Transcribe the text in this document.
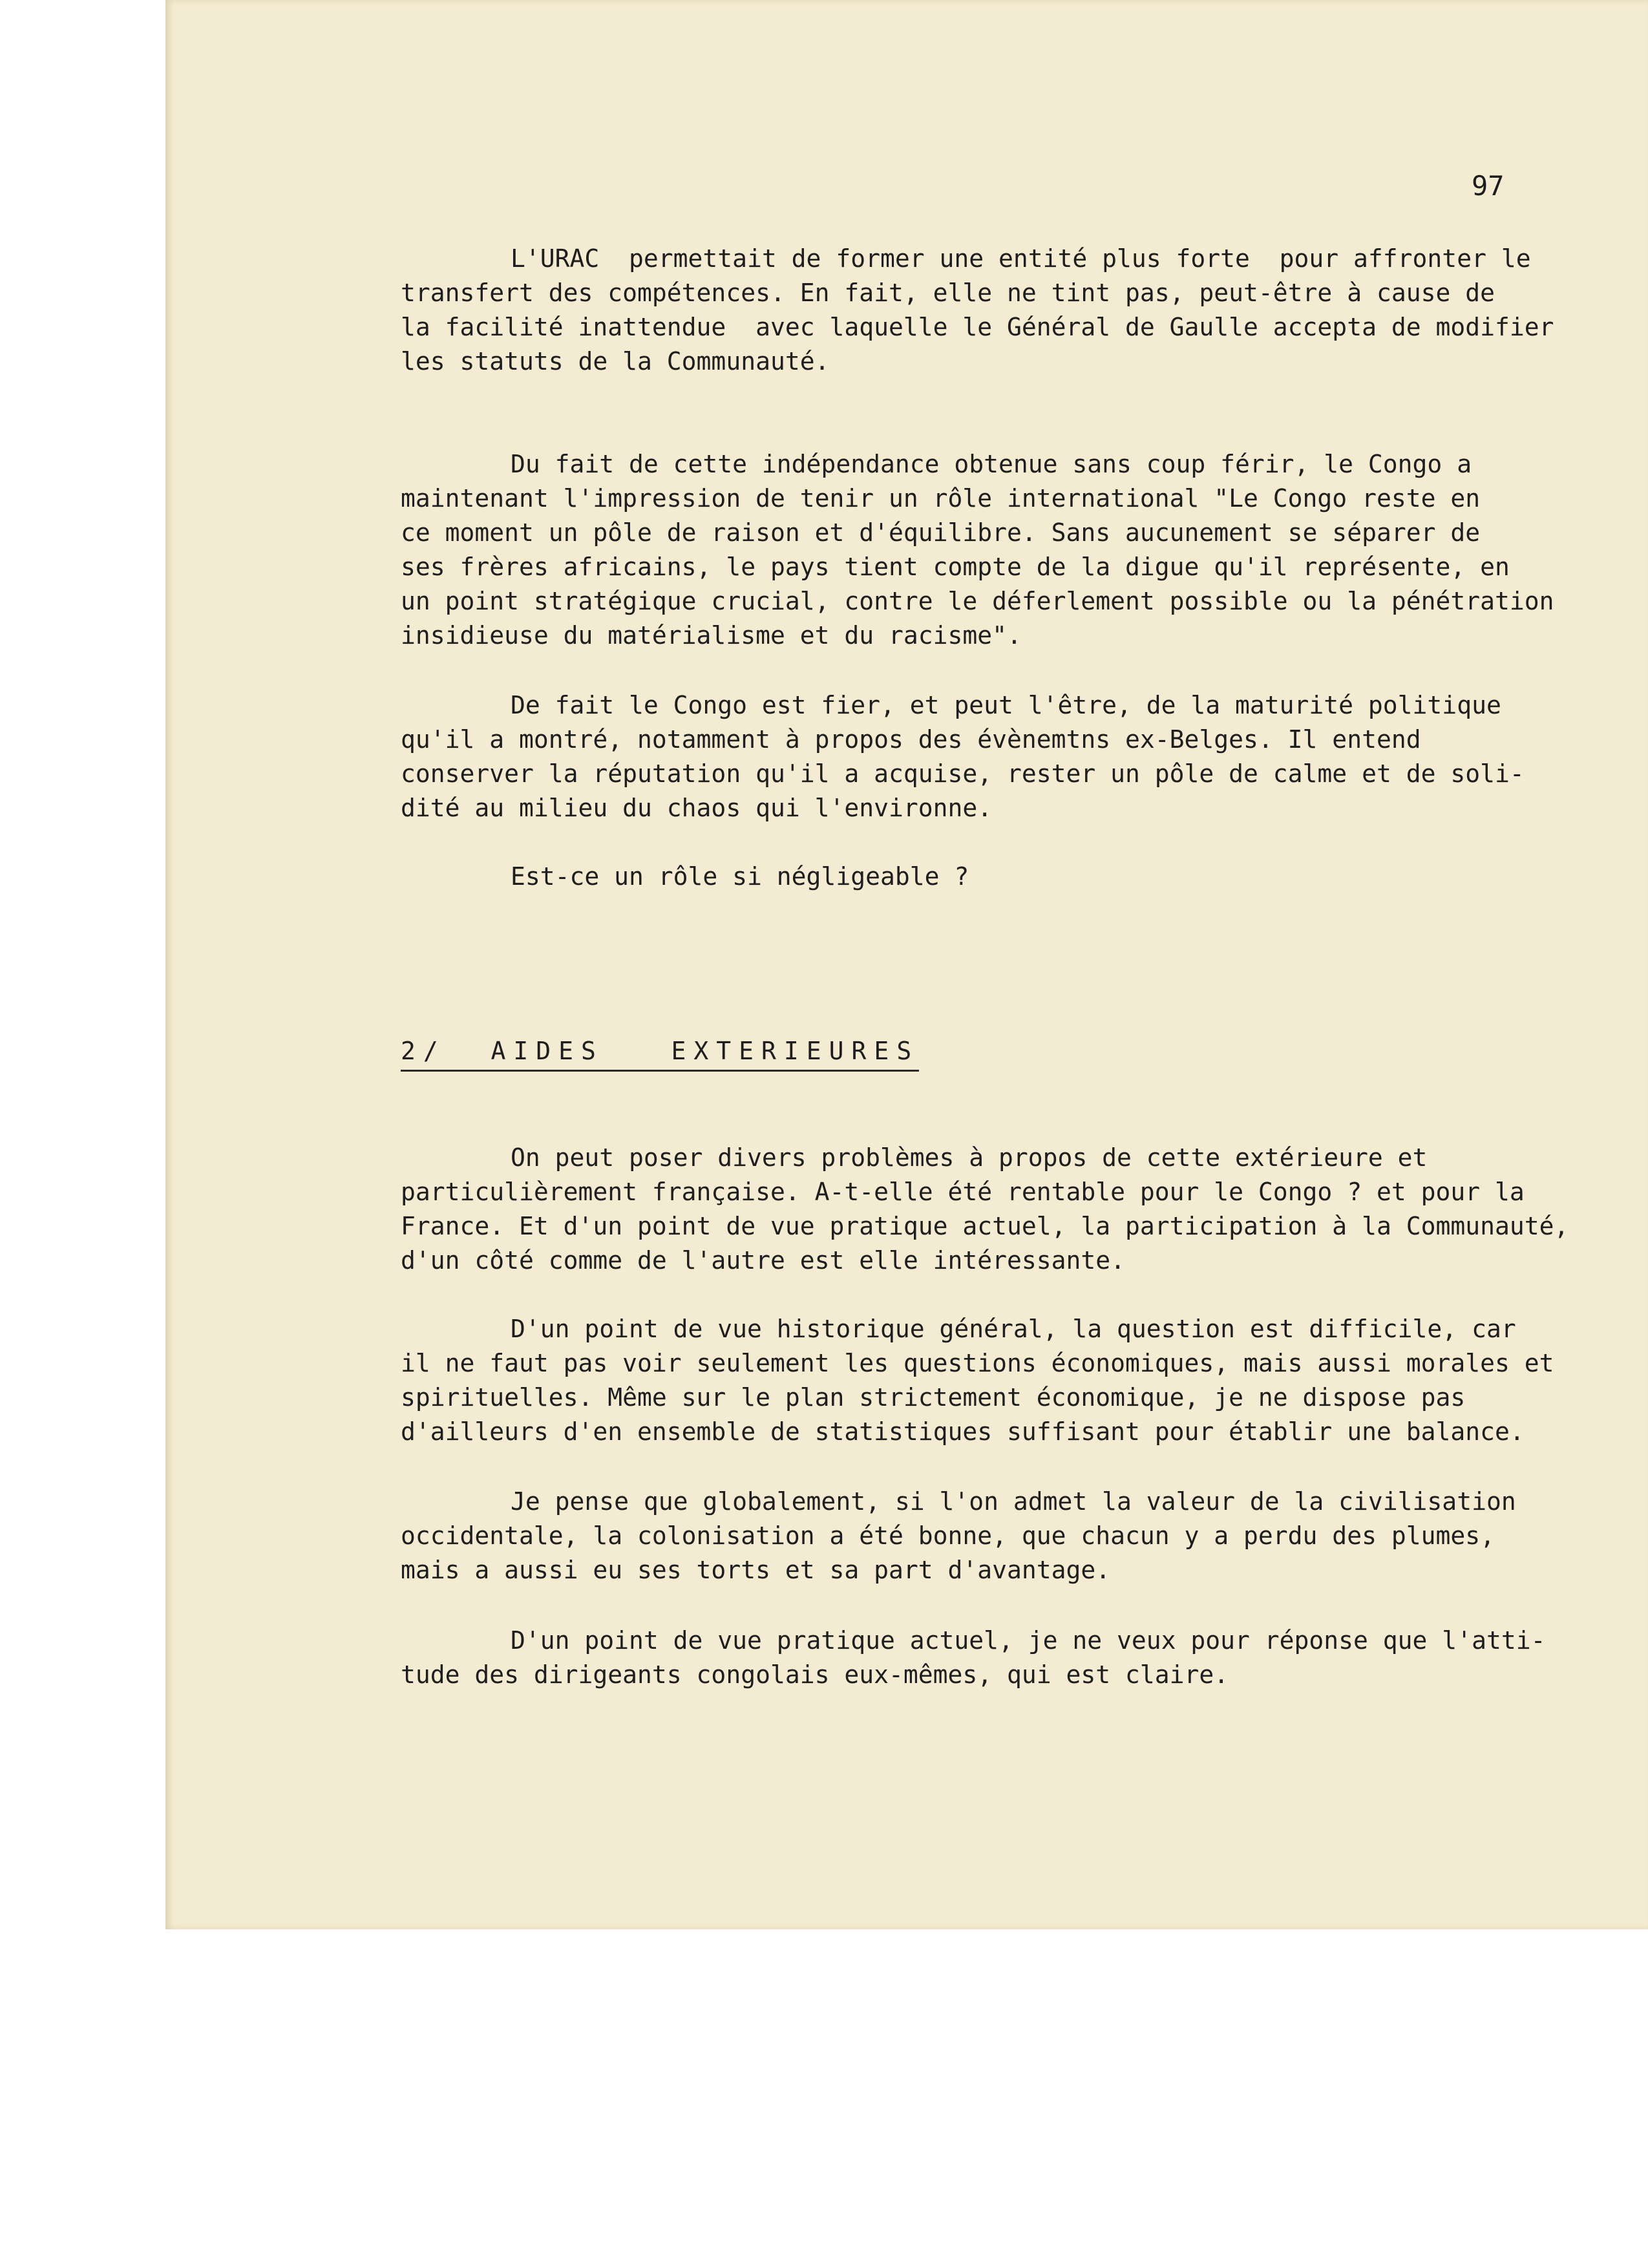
97
L'URAC  permettait de former une entité plus forte  pour affronter le
transfert des compétences. En fait, elle ne tint pas, peut-être à cause de
la facilité inattendue  avec laquelle le Général de Gaulle accepta de modifier
les statuts de la Communauté.
Du fait de cette indépendance obtenue sans coup férir, le Congo a
maintenant l'impression de tenir un rôle international "Le Congo reste en
ce moment un pôle de raison et d'équilibre. Sans aucunement se séparer de
ses frères africains, le pays tient compte de la digue qu'il représente, en
un point stratégique crucial, contre le déferlement possible ou la pénétration
insidieuse du matérialisme et du racisme".
De fait le Congo est fier, et peut l'être, de la maturité politique
qu'il a montré, notamment à propos des évènemtns ex-Belges. Il entend
conserver la réputation qu'il a acquise, rester un pôle de calme et de soli-
dité au milieu du chaos qui l'environne.
Est-ce un rôle si négligeable ?
2/  AIDES   EXTERIEURES
On peut poser divers problèmes à propos de cette extérieure et
particulièrement française. A-t-elle été rentable pour le Congo ? et pour la
France. Et d'un point de vue pratique actuel, la participation à la Communauté,
d'un côté comme de l'autre est elle intéressante.
D'un point de vue historique général, la question est difficile, car
il ne faut pas voir seulement les questions économiques, mais aussi morales et
spirituelles. Même sur le plan strictement économique, je ne dispose pas
d'ailleurs d'en ensemble de statistiques suffisant pour établir une balance.
Je pense que globalement, si l'on admet la valeur de la civilisation
occidentale, la colonisation a été bonne, que chacun y a perdu des plumes,
mais a aussi eu ses torts et sa part d'avantage.
D'un point de vue pratique actuel, je ne veux pour réponse que l'atti-
tude des dirigeants congolais eux-mêmes, qui est claire.
